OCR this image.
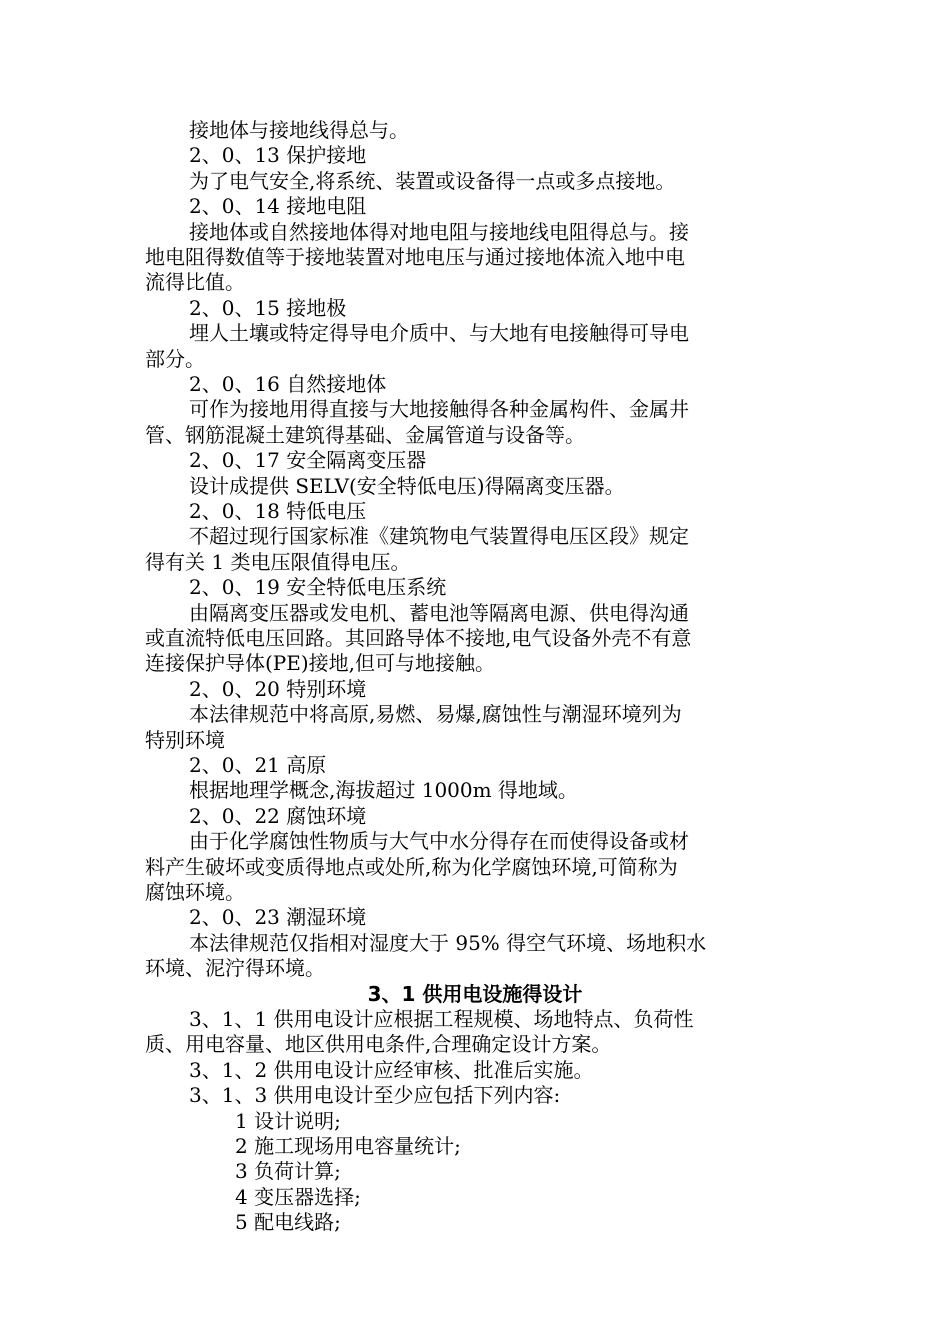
接地体与接地线得总与。
2、0、13 保护接地
为了电气安全,将系统、装置或设备得一点或多点接地。
2、0、14 接地电阻
接地体或自然接地体得对地电阻与接地线电阻得总与。接
地电阻得数值等于接地装置对地电压与通过接地体流入地中电
流得比值。
2、0、15 接地极
埋人土壤或特定得导电介质中、与大地有电接触得可导电
部分。
2、0、16 自然接地体
可作为接地用得直接与大地接触得各种金属构件、金属井
管、钢筋混凝土建筑得基础、金属管道与设备等。
2、0、17 安全隔离变压器
设计成提供 SELV(安全特低电压)得隔离变压器。
2、0、18 特低电压
不超过现行国家标准《建筑物电气装置得电压区段》规定
得有关 1 类电压限值得电压。
2、0、19 安全特低电压系统
由隔离变压器或发电机、蓄电池等隔离电源、供电得沟通
或直流特低电压回路。其回路导体不接地,电气设备外壳不有意
连接保护导体(PE)接地,但可与地接触。
2、0、20 特别环境
本法律规范中将高原,易燃、易爆,腐蚀性与潮湿环境列为
特别环境
2、0、21 高原
根据地理学概念,海拔超过 1000m 得地域。
2、0、22 腐蚀环境
由于化学腐蚀性物质与大气中水分得存在而使得设备或材
料产生破坏或变质得地点或处所,称为化学腐蚀环境,可简称为
腐蚀环境。
2、0、23 潮湿环境
本法律规范仅指相对湿度大于 95% 得空气环境、场地积水
环境、泥泞得环境。
3、1 供用电设施得设计
3、1、1 供用电设计应根据工程规模、场地特点、负荷性
质、用电容量、地区供用电条件,合理确定设计方案。
3、1、2 供用电设计应经审核、批准后实施。
3、1、3 供用电设计至少应包括下列内容:
1 设计说明;
2 施工现场用电容量统计;
3 负荷计算;
4 变压器选择;
5 配电线路;
